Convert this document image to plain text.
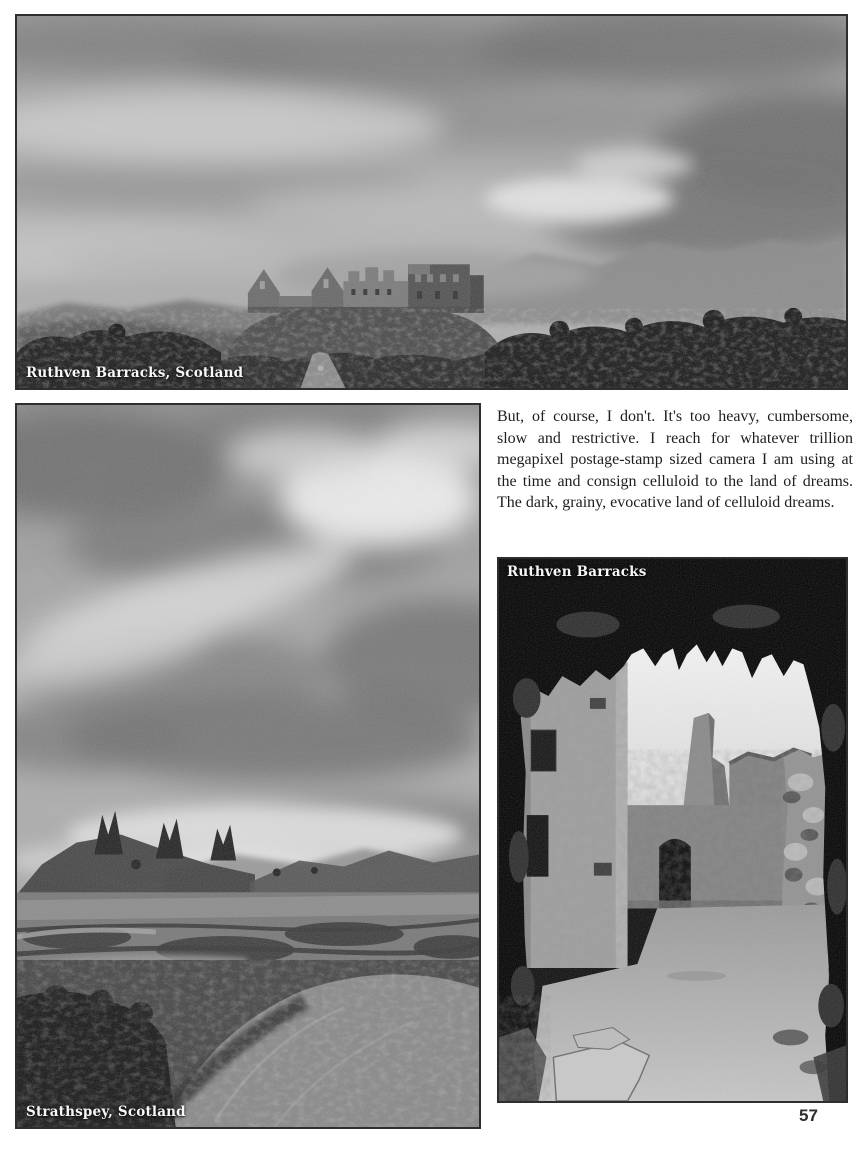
Ruthven Barracks, Scotland
Strathspey, Scotland

But, of course, I don't. It's too heavy, cumbersome, slow and restrictive. I reach for whatever trillion megapixel postage-stamp sized camera I am using at the time and consign celluloid to the land of dreams. The dark, grainy, evocative land of celluloid dreams.

Ruthven Barracks
57
